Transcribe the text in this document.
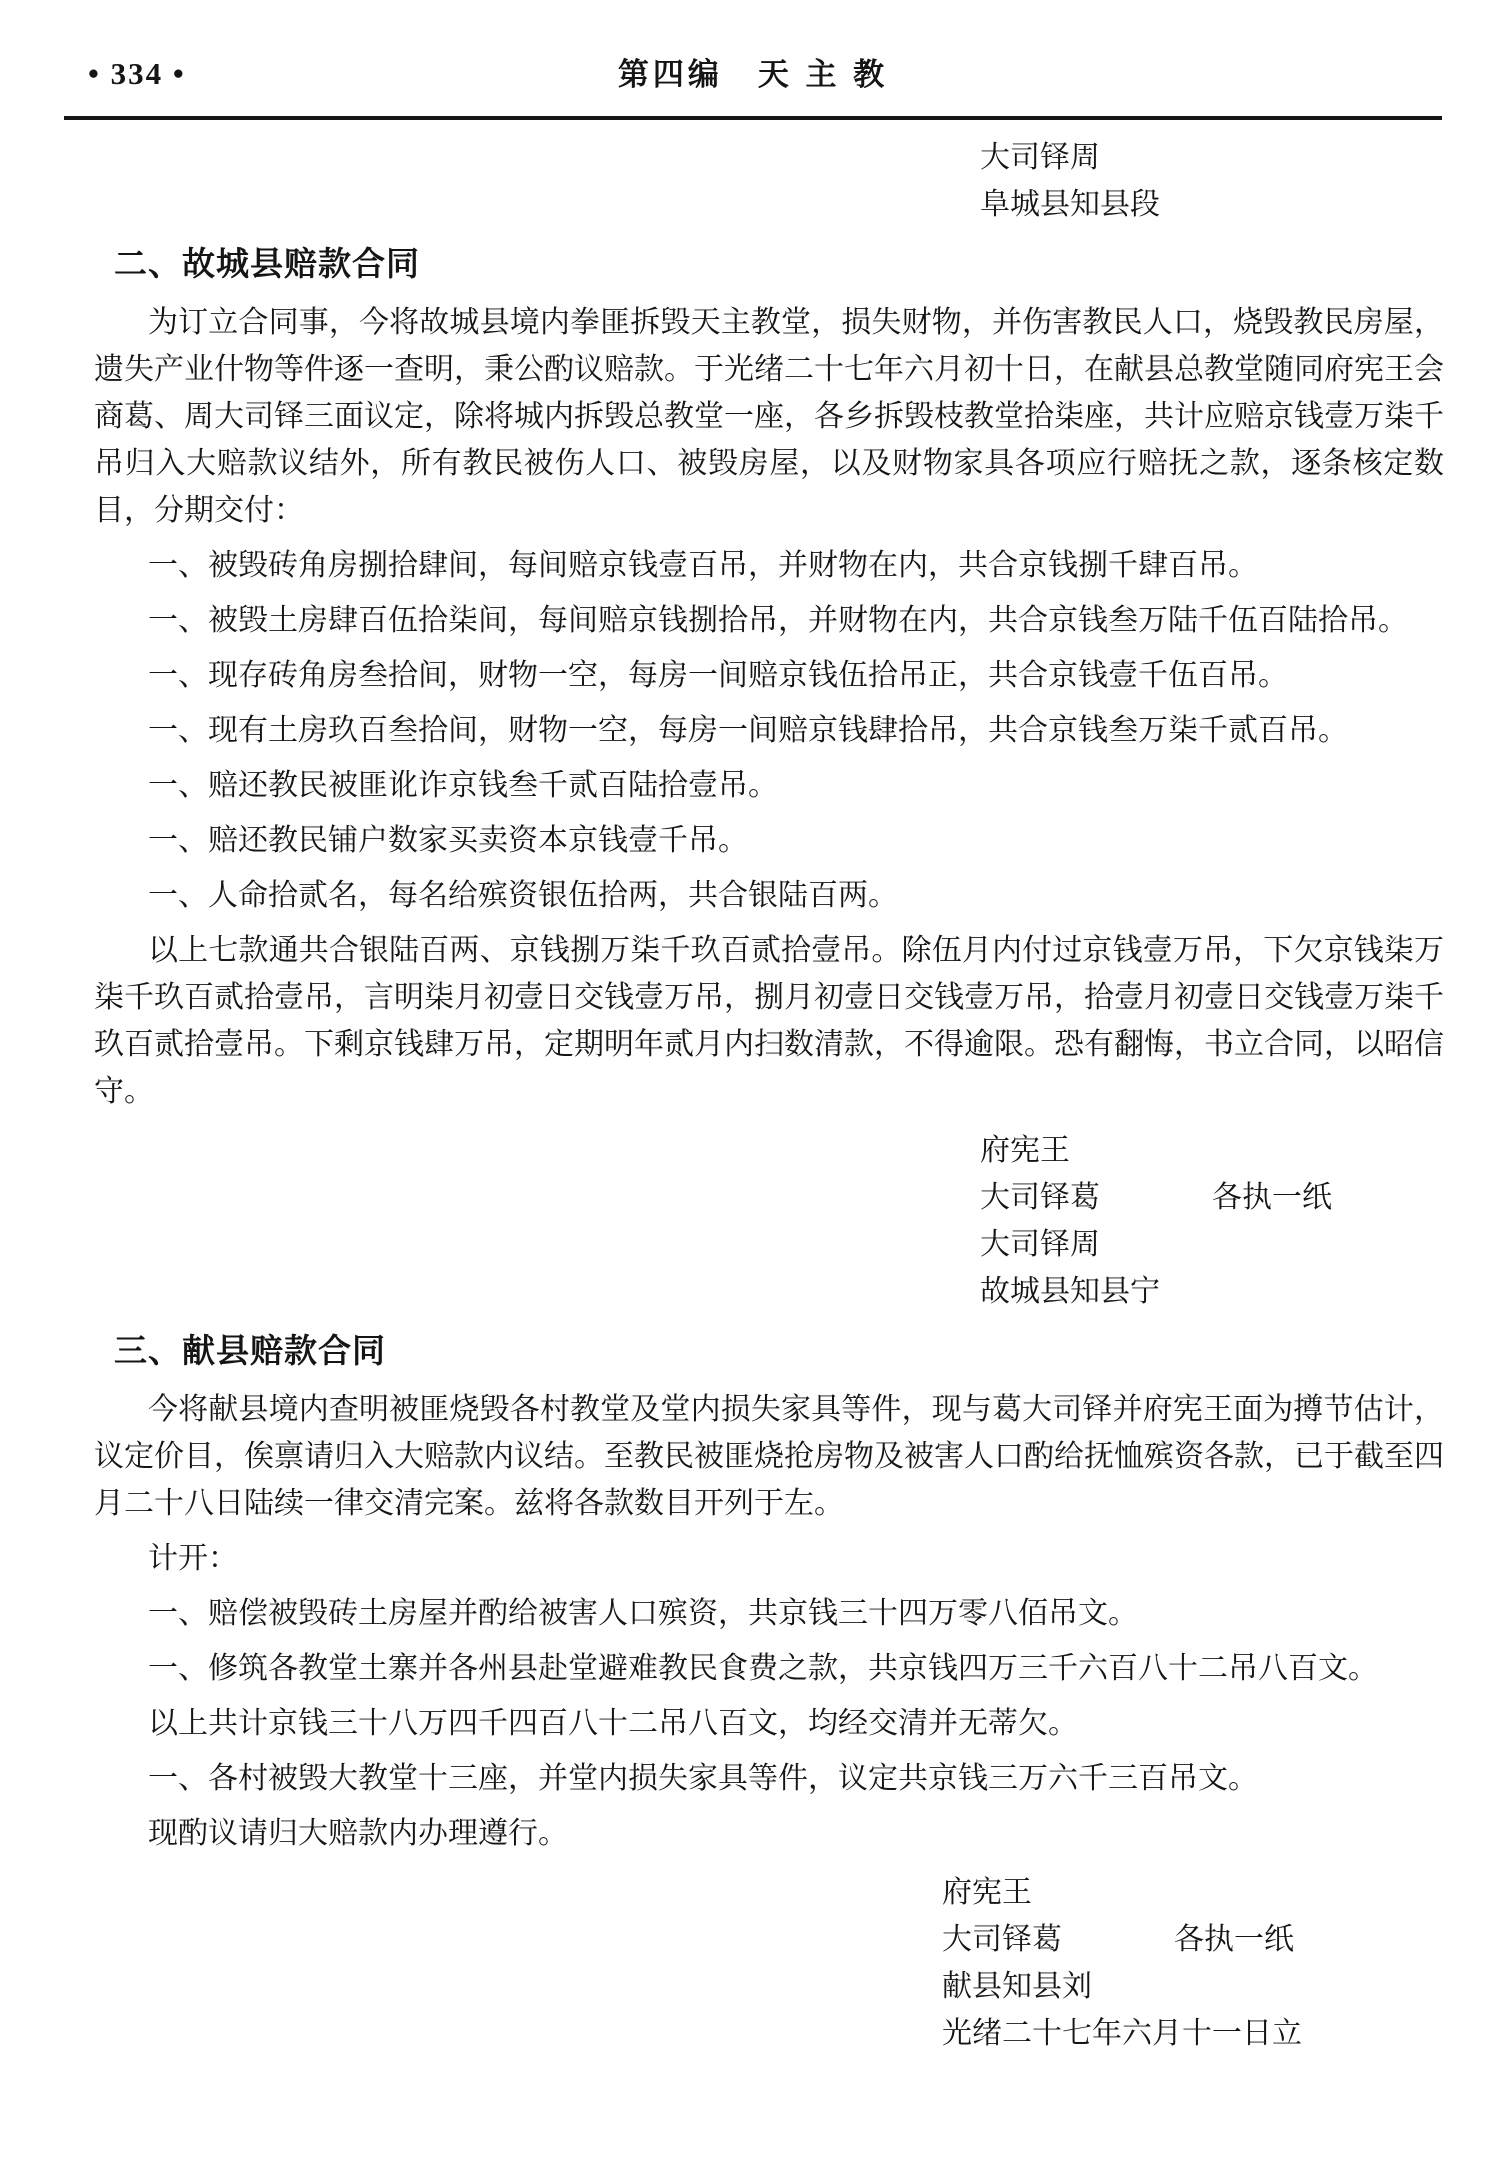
• 334 •	第四编　天 主 教
大司铎周
阜城县知县段
二、故城县赔款合同

为订立合同事，今将故城县境内拳匪拆毁天主教堂，损失财物，并伤害教民人口，烧毁教民房屋，遗失产业什物等件逐一查明，秉公酌议赔款。于光绪二十七年六月初十日，在献县总教堂随同府宪王会商葛、周大司铎三面议定，除将城内拆毁总教堂一座，各乡拆毁枝教堂拾柒座，共计应赔京钱壹万柒千吊归入大赔款议结外，所有教民被伤人口、被毁房屋，以及财物家具各项应行赔抚之款，逐条核定数目，分期交付：

一、被毁砖角房捌拾肆间，每间赔京钱壹百吊，并财物在内，共合京钱捌千肆百吊。

一、被毁土房肆百伍拾柒间，每间赔京钱捌拾吊，并财物在内，共合京钱叁万陆千伍百陆拾吊。

一、现存砖角房叁拾间，财物一空，每房一间赔京钱伍拾吊正，共合京钱壹千伍百吊。

一、现有土房玖百叁拾间，财物一空，每房一间赔京钱肆拾吊，共合京钱叁万柒千贰百吊。

一、赔还教民被匪讹诈京钱叁千贰百陆拾壹吊。

一、赔还教民铺户数家买卖资本京钱壹千吊。

一、人命拾贰名，每名给殡资银伍拾两，共合银陆百两。

以上七款通共合银陆百两、京钱捌万柒千玖百贰拾壹吊。除伍月内付过京钱壹万吊，下欠京钱柒万柒千玖百贰拾壹吊，言明柒月初壹日交钱壹万吊，捌月初壹日交钱壹万吊，拾壹月初壹日交钱壹万柒千玖百贰拾壹吊。下剩京钱肆万吊，定期明年贰月内扫数清款，不得逾限。恐有翻悔，书立合同，以昭信守。

府宪王
大司铎葛	各执一纸
大司铎周
故城县知县宁
三、献县赔款合同

今将献县境内查明被匪烧毁各村教堂及堂内损失家具等件，现与葛大司铎并府宪王面为撙节估计，议定价目，俟禀请归入大赔款内议结。至教民被匪烧抢房物及被害人口酌给抚恤殡资各款，已于截至四月二十八日陆续一律交清完案。兹将各款数目开列于左。

计开：

一、赔偿被毁砖土房屋并酌给被害人口殡资，共京钱三十四万零八佰吊文。

一、修筑各教堂土寨并各州县赴堂避难教民食费之款，共京钱四万三千六百八十二吊八百文。

以上共计京钱三十八万四千四百八十二吊八百文，均经交清并无蒂欠。

一、各村被毁大教堂十三座，并堂内损失家具等件，议定共京钱三万六千三百吊文。

现酌议请归大赔款内办理遵行。

府宪王
大司铎葛	各执一纸
献县知县刘
光绪二十七年六月十一日立
